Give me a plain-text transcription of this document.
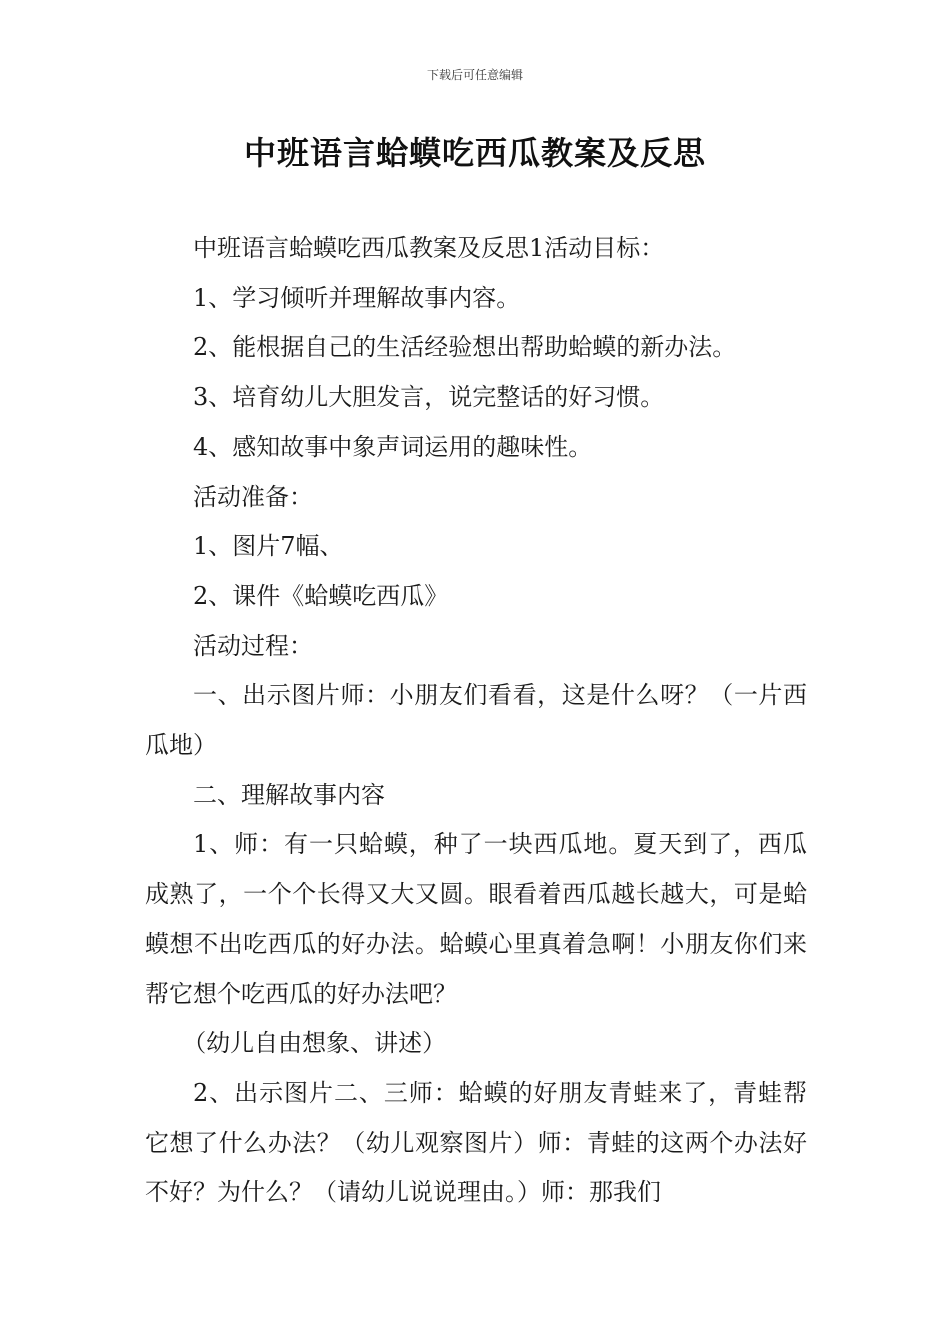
下载后可任意编辑
中班语言蛤蟆吃西瓜教案及反思

中班语言蛤蟆吃西瓜教案及反思1活动目标：

1、学习倾听并理解故事内容。

2、能根据自己的生活经验想出帮助蛤蟆的新办法。

3、培育幼儿大胆发言，说完整话的好习惯。

4、感知故事中象声词运用的趣味性。

活动准备：

1、图片7幅、

2、课件《蛤蟆吃西瓜》

活动过程：

一、出示图片师：小朋友们看看，这是什么呀？（一片西瓜地）

二、理解故事内容

1、师：有一只蛤蟆，种了一块西瓜地。夏天到了，西瓜成熟了，一个个长得又大又圆。眼看着西瓜越长越大，可是蛤蟆想不出吃西瓜的好办法。蛤蟆心里真着急啊！小朋友你们来帮它想个吃西瓜的好办法吧？

（幼儿自由想象、讲述）

2、出示图片二、三师：蛤蟆的好朋友青蛙来了，青蛙帮它想了什么办法？（幼儿观察图片）师：青蛙的这两个办法好不好？为什么？（请幼儿说说理由。）师：那我们
